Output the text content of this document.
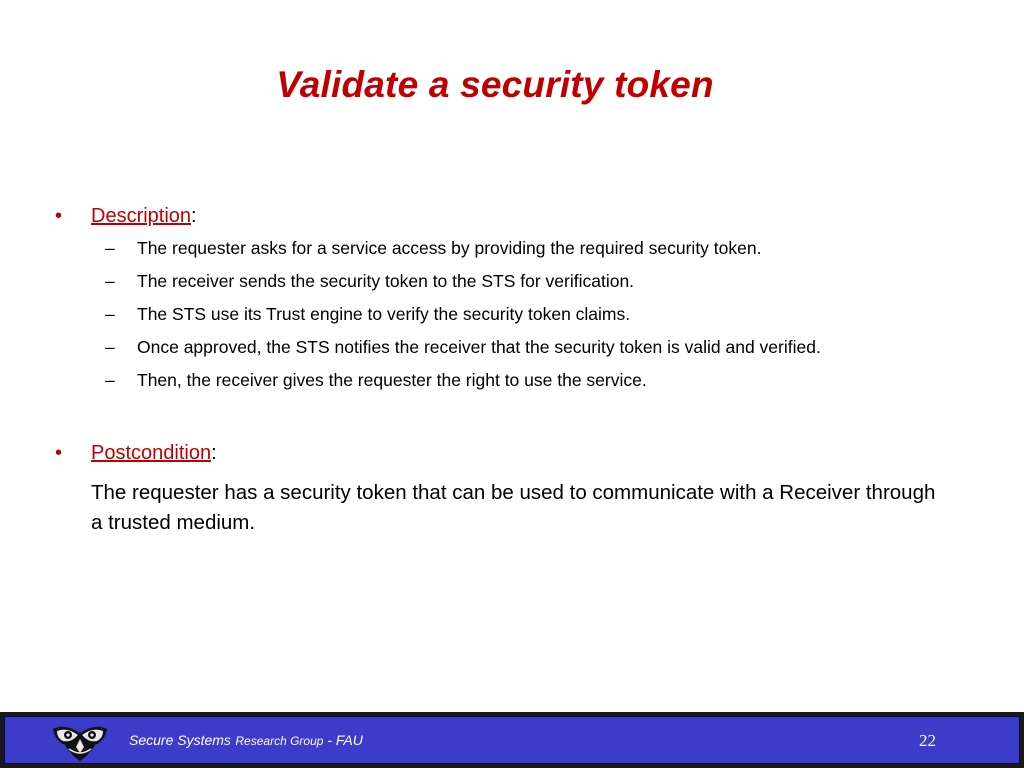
Validate a security token
•	Description :
–	The requester asks for a service access by providing the required security token.
–	The receiver sends the security token to the STS for verification.
–	The STS use its Trust engine to verify the security token claims.
–	Once approved, the STS notifies the receiver that the security token is valid and verified.
–	Then, the receiver gives the requester the right to use the service.
•	Postcondition :
The requester has a security token that can be used to communicate with a Receiver through a trusted medium.
Secure Systems Research Group - FAU	22
